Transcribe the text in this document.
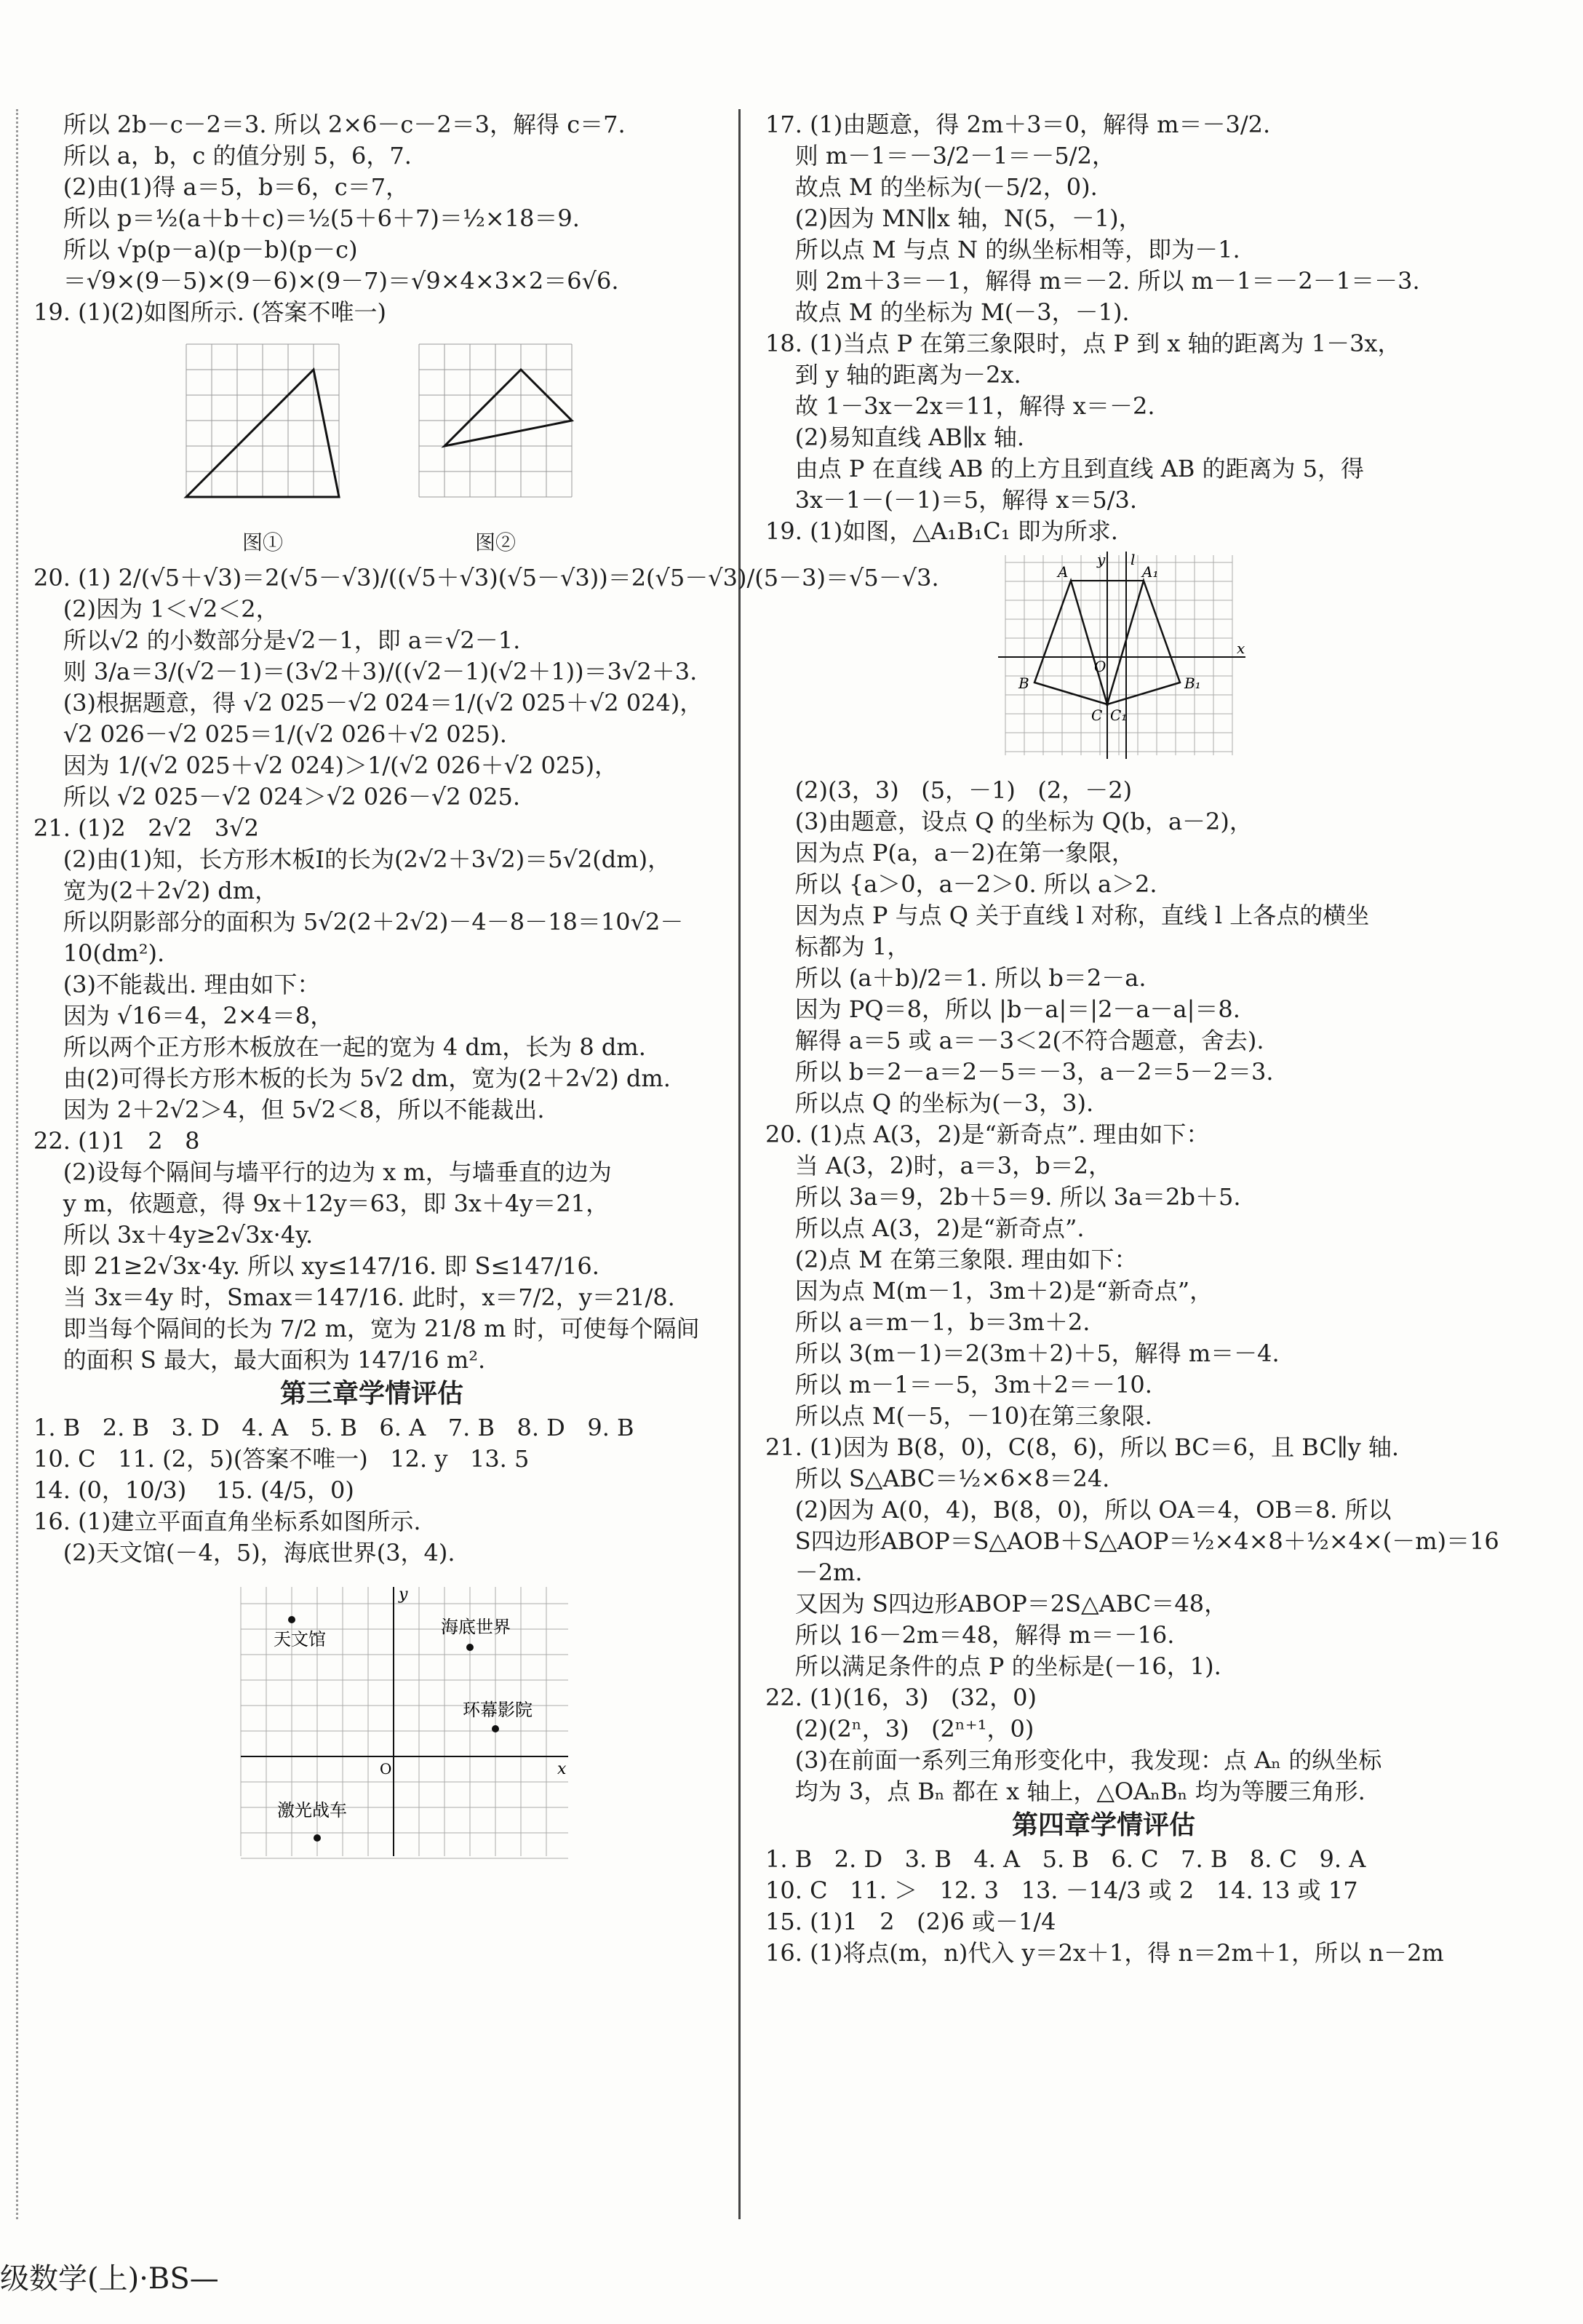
所以 2b－c－2＝3. 所以 2×6－c－2＝3，解得 c＝7.
所以 a，b，c 的值分别 5，6，7.
(2)由(1)得 a＝5，b＝6，c＝7，
所以 p＝½(a＋b＋c)＝½(5＋6＋7)＝½×18＝9.
所以 √p(p－a)(p－b)(p－c)
＝√9×(9－5)×(9－6)×(9－7)＝√9×4×3×2＝6√6.
19. (1)(2)如图所示. (答案不唯一)
图①	图②
20. (1) 2/(√5＋√3)＝2(√5－√3)/((√5＋√3)(√5－√3))＝2(√5－√3)/(5－3)＝√5－√3.
(2)因为 1＜√2＜2，
所以√2 的小数部分是√2－1，即 a＝√2－1.
则 3/a＝3/(√2－1)＝(3√2＋3)/((√2－1)(√2＋1))＝3√2＋3.
(3)根据题意，得 √2 025－√2 024＝1/(√2 025＋√2 024)，
√2 026－√2 025＝1/(√2 026＋√2 025).
因为 1/(√2 025＋√2 024)＞1/(√2 026＋√2 025)，
所以 √2 025－√2 024＞√2 026－√2 025.
21. (1)2   2√2   3√2
(2)由(1)知，长方形木板Ⅰ的长为(2√2＋3√2)＝5√2(dm)，
宽为(2＋2√2) dm，
所以阴影部分的面积为 5√2(2＋2√2)－4－8－18＝10√2－
10(dm²).
(3)不能裁出. 理由如下：
因为 √16＝4，2×4＝8，
所以两个正方形木板放在一起的宽为 4 dm，长为 8 dm.
由(2)可得长方形木板的长为 5√2 dm，宽为(2＋2√2) dm.
因为 2＋2√2＞4，但 5√2＜8，所以不能裁出.
22. (1)1   2   8
(2)设每个隔间与墙平行的边为 x m，与墙垂直的边为
y m，依题意，得 9x＋12y＝63，即 3x＋4y＝21，
所以 3x＋4y≥2√3x·4y.
即 21≥2√3x·4y. 所以 xy≤147/16. 即 S≤147/16.
当 3x＝4y 时，Smax＝147/16. 此时，x＝7/2，y＝21/8.
即当每个隔间的长为 7/2 m，宽为 21/8 m 时，可使每个隔间
的面积 S 最大，最大面积为 147/16 m².
第三章学情评估
1. B   2. B   3. D   4. A   5. B   6. A   7. B   8. D   9. B
10. C   11. (2，5)(答案不唯一)   12. y   13. 5
14. (0，10/3)    15. (4/5，0)
16. (1)建立平面直角坐标系如图所示.
(2)天文馆(－4，5)，海底世界(3，4).
x
y
O
天文馆
海底世界
环幕影院
激光战车
17. (1)由题意，得 2m＋3＝0，解得 m＝－3/2.
则 m－1＝－3/2－1＝－5/2，
故点 M 的坐标为(－5/2，0).
(2)因为 MN∥x 轴，N(5，－1)，
所以点 M 与点 N 的纵坐标相等，即为－1.
则 2m＋3＝－1，解得 m＝－2. 所以 m－1＝－2－1＝－3.
故点 M 的坐标为 M(－3，－1).
18. (1)当点 P 在第三象限时，点 P 到 x 轴的距离为 1－3x，
到 y 轴的距离为－2x.
故 1－3x－2x＝11，解得 x＝－2.
(2)易知直线 AB∥x 轴.
由点 P 在直线 AB 的上方且到直线 AB 的距离为 5，得
3x－1－(－1)＝5，解得 x＝5/3.
19. (1)如图，△A₁B₁C₁ 即为所求.
A	A₁
B	B₁
C C₁
O
x
y l
(2)(3，3)   (5，－1)   (2，－2)
(3)由题意，设点 Q 的坐标为 Q(b，a－2)，
因为点 P(a，a－2)在第一象限，
所以 {a＞0，a－2＞0. 所以 a＞2.
因为点 P 与点 Q 关于直线 l 对称，直线 l 上各点的横坐
标都为 1，
所以 (a＋b)/2＝1. 所以 b＝2－a.
因为 PQ＝8，所以 |b－a|＝|2－a－a|＝8.
解得 a＝5 或 a＝－3＜2(不符合题意，舍去).
所以 b＝2－a＝2－5＝－3，a－2＝5－2＝3.
所以点 Q 的坐标为(－3，3).
20. (1)点 A(3，2)是“新奇点”. 理由如下：
当 A(3，2)时，a＝3，b＝2，
所以 3a＝9，2b＋5＝9. 所以 3a＝2b＋5.
所以点 A(3，2)是“新奇点”.
(2)点 M 在第三象限. 理由如下：
因为点 M(m－1，3m＋2)是“新奇点”，
所以 a＝m－1，b＝3m＋2.
所以 3(m－1)＝2(3m＋2)＋5，解得 m＝－4.
所以 m－1＝－5，3m＋2＝－10.
所以点 M(－5，－10)在第三象限.
21. (1)因为 B(8，0)，C(8，6)，所以 BC＝6，且 BC∥y 轴.
所以 S△ABC＝½×6×8＝24.
(2)因为 A(0，4)，B(8，0)，所以 OA＝4，OB＝8. 所以
S四边形ABOP＝S△AOB＋S△AOP＝½×4×8＋½×4×(－m)＝16
－2m.
又因为 S四边形ABOP＝2S△ABC＝48，
所以 16－2m＝48，解得 m＝－16.
所以满足条件的点 P 的坐标是(－16，1).
22. (1)(16，3)   (32，0)
(2)(2ⁿ，3)   (2ⁿ⁺¹，0)
(3)在前面一系列三角形变化中，我发现：点 Aₙ 的纵坐标
均为 3，点 Bₙ 都在 x 轴上，△OAₙBₙ 均为等腰三角形.
第四章学情评估
1. B   2. D   3. B   4. A   5. B   6. C   7. B   8. C   9. A
10. C   11. ＞   12. 3   13. －14/3 或 2   14. 13 或 17
15. (1)1   2   (2)6 或－1/4
16. (1)将点(m，n)代入 y＝2x＋1，得 n＝2m＋1，所以 n－2m
级数学(上)·BS—
